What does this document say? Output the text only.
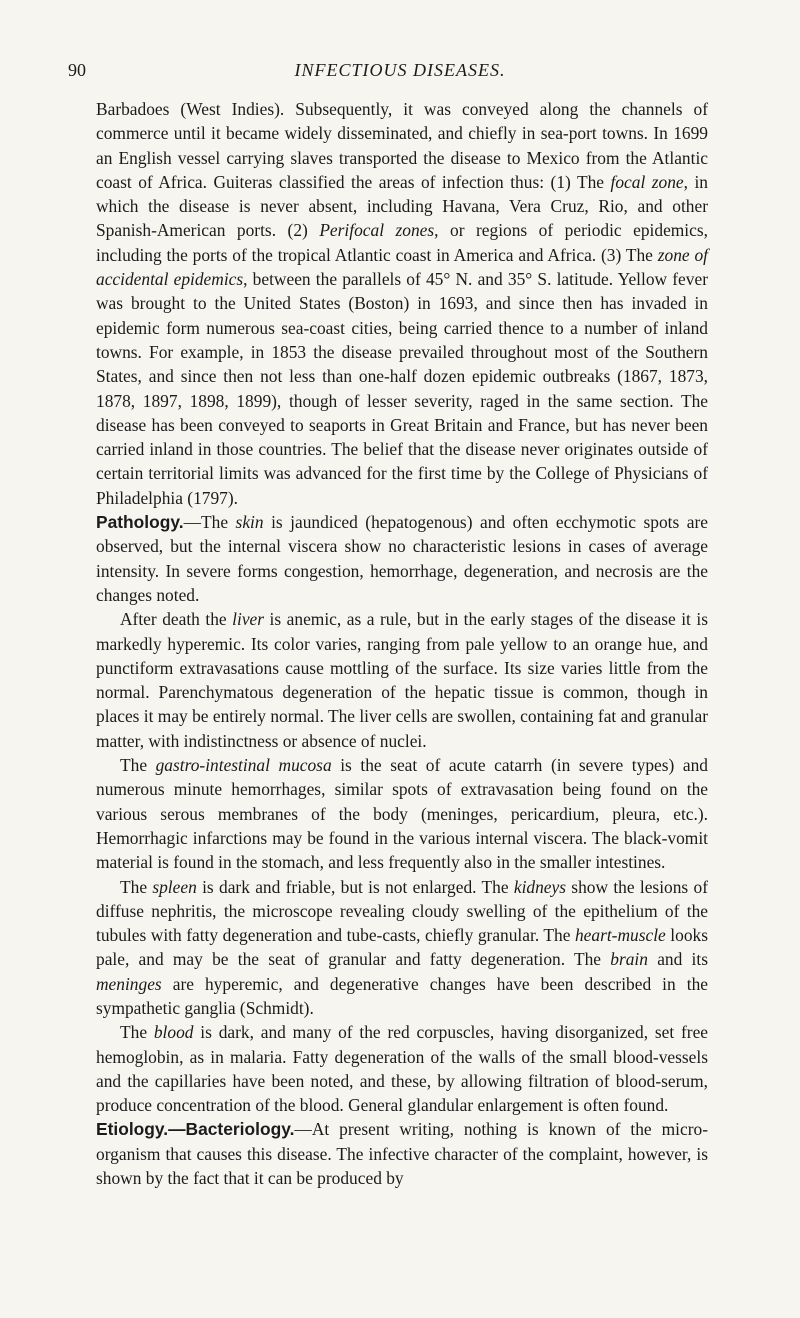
90	INFECTIOUS DISEASES.

Barbadoes (West Indies). Subsequently, it was conveyed along the channels of commerce until it became widely disseminated, and chiefly in sea-port towns. In 1699 an English vessel carrying slaves transported the disease to Mexico from the Atlantic coast of Africa. Guiteras classified the areas of infection thus: (1) The focal zone, in which the disease is never absent, including Havana, Vera Cruz, Rio, and other Spanish-American ports. (2) Perifocal zones, or regions of periodic epidemics, including the ports of the tropical Atlantic coast in America and Africa. (3) The zone of accidental epidemics, between the parallels of 45° N. and 35° S. latitude. Yellow fever was brought to the United States (Boston) in 1693, and since then has invaded in epidemic form numerous sea-coast cities, being carried thence to a number of inland towns. For example, in 1853 the disease prevailed throughout most of the Southern States, and since then not less than one-half dozen epidemic outbreaks (1867, 1873, 1878, 1897, 1898, 1899), though of lesser severity, raged in the same section. The disease has been conveyed to seaports in Great Britain and France, but has never been carried inland in those countries. The belief that the disease never originates outside of certain territorial limits was advanced for the first time by the College of Physicians of Philadelphia (1797).

Pathology.—The skin is jaundiced (hepatogenous) and often ecchymotic spots are observed, but the internal viscera show no characteristic lesions in cases of average intensity. In severe forms congestion, hemorrhage, degeneration, and necrosis are the changes noted.

After death the liver is anemic, as a rule, but in the early stages of the disease it is markedly hyperemic. Its color varies, ranging from pale yellow to an orange hue, and punctiform extravasations cause mottling of the surface. Its size varies little from the normal. Parenchymatous degeneration of the hepatic tissue is common, though in places it may be entirely normal. The liver cells are swollen, containing fat and granular matter, with indistinctness or absence of nuclei.

The gastro-intestinal mucosa is the seat of acute catarrh (in severe types) and numerous minute hemorrhages, similar spots of extravasation being found on the various serous membranes of the body (meninges, pericardium, pleura, etc.). Hemorrhagic infarctions may be found in the various internal viscera. The black-vomit material is found in the stomach, and less frequently also in the smaller intestines.

The spleen is dark and friable, but is not enlarged. The kidneys show the lesions of diffuse nephritis, the microscope revealing cloudy swelling of the epithelium of the tubules with fatty degeneration and tube-casts, chiefly granular. The heart-muscle looks pale, and may be the seat of granular and fatty degeneration. The brain and its meninges are hyperemic, and degenerative changes have been described in the sympathetic ganglia (Schmidt).

The blood is dark, and many of the red corpuscles, having disorganized, set free hemoglobin, as in malaria. Fatty degeneration of the walls of the small blood-vessels and the capillaries have been noted, and these, by allowing filtration of blood-serum, produce concentration of the blood. General glandular enlargement is often found.

Etiology.—Bacteriology.—At present writing, nothing is known of the micro-organism that causes this disease. The infective character of the complaint, however, is shown by the fact that it can be produced by
